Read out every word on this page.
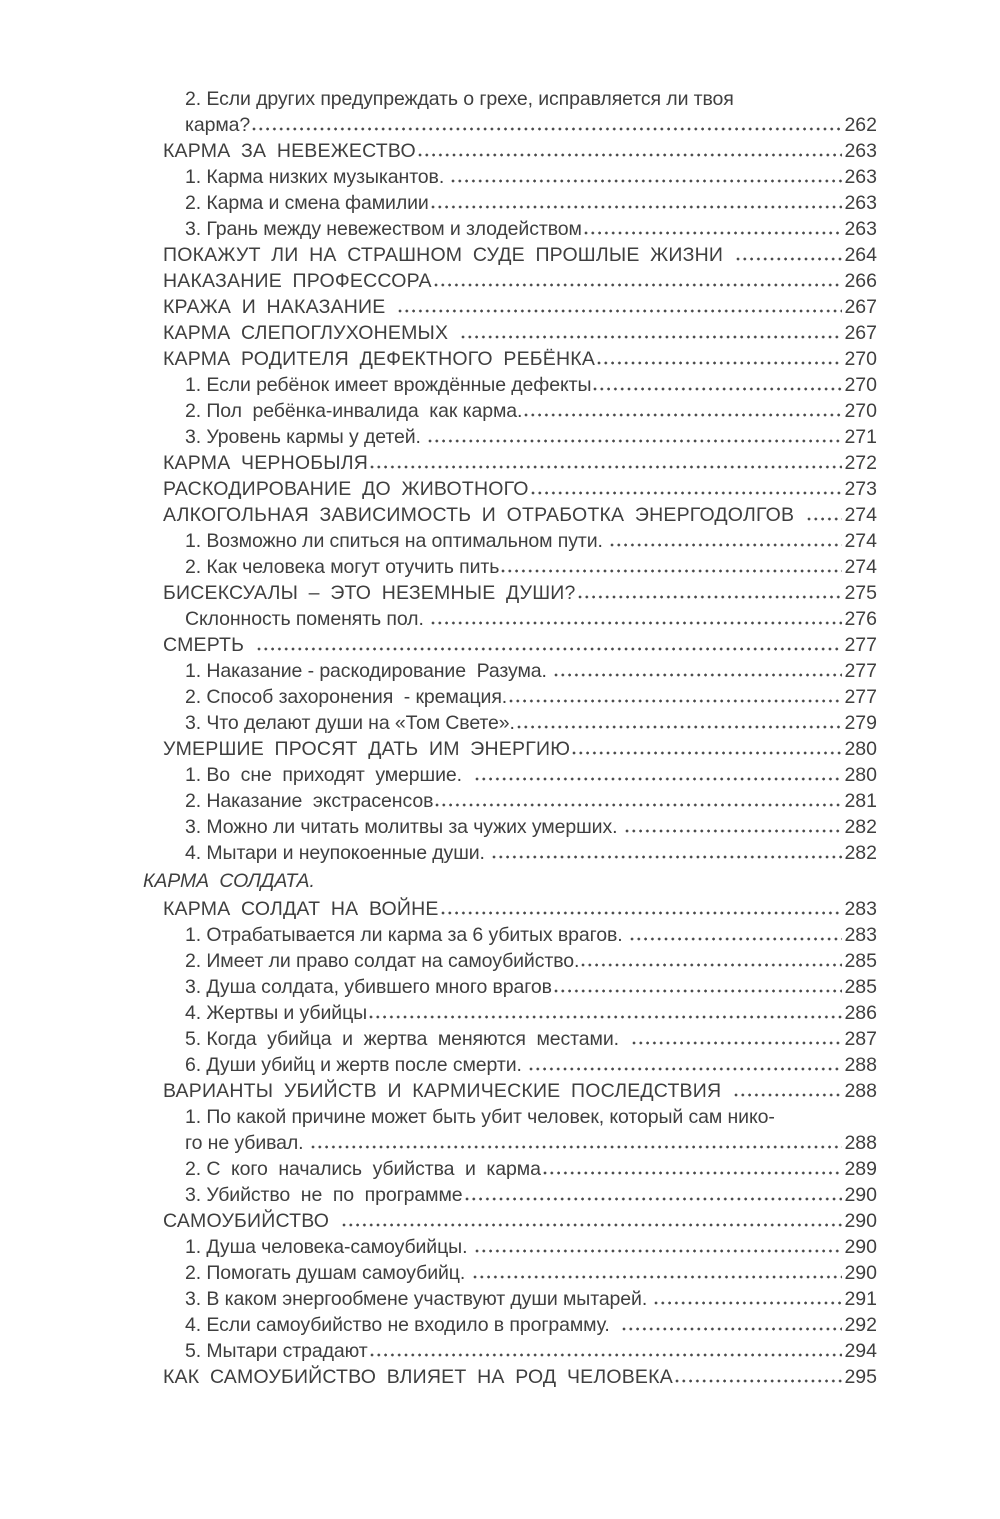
2. Если других предупреждать о грехе, исправляется ли твоя
карма?	262
КАРМА ЗА НЕВЕЖЕСТВО	263
1. Карма низких музыкантов.	263
2. Карма и смена фамилии	263
3. Грань между невежеством и злодейством	263
ПОКАЖУТ ЛИ НА СТРАШНОМ СУДЕ ПРОШЛЫЕ ЖИЗНИ	264
НАКАЗАНИЕ ПРОФЕССОРА	266
КРАЖА И НАКАЗАНИЕ	267
КАРМА СЛЕПОГЛУХОНЕМЫХ	267
КАРМА РОДИТЕЛЯ ДЕФЕКТНОГО РЕБЁНКА	270
1. Если ребёнок имеет врождённые дефекты	270
2. Пол  ребёнка-инвалида  как карма.	270
3. Уровень кармы у детей.	271
КАРМА ЧЕРНОБЫЛЯ	272
РАСКОДИРОВАНИЕ ДО ЖИВОТНОГО	273
АЛКОГОЛЬНАЯ ЗАВИСИМОСТЬ И ОТРАБОТКА ЭНЕРГОДОЛГОВ 274
1. Возможно ли спиться на оптимальном пути.	274
2. Как человека могут отучить пить	274
БИСЕКСУАЛЫ – ЭТО НЕЗЕМНЫЕ ДУШИ?	275
Склонность поменять пол.	276
СМЕРТЬ	277
1. Наказание - раскодирование  Разума.	277
2. Способ захоронения  - кремация.	277
3. Что делают души на «Том Свете».	279
УМЕРШИЕ ПРОСЯТ ДАТЬ ИМ ЭНЕРГИЮ	280
1. Во  сне  приходят  умершие.	280
2. Наказание  экстрасенсов	281
3. Можно ли читать молитвы за чужих умерших.	282
4. Мытари и неупокоенные души.	282
КАРМА СОЛДАТА.
КАРМА СОЛДАТ НА ВОЙНЕ	283
1. Отрабатывается ли карма за 6 убитых врагов.	283
2. Имеет ли право солдат на самоубийство.	285
3. Душа солдата, убившего много врагов	285
4. Жертвы и убийцы	286
5. Когда  убийца  и  жертва  меняются  местами.	287
6. Души убийц и жертв после смерти.	288
ВАРИАНТЫ УБИЙСТВ И КАРМИЧЕСКИЕ ПОСЛЕДСТВИЯ	288
1. По какой причине может быть убит человек, который сам нико-
го не убивал.	288
2. С  кого  начались  убийства  и  карма	289
3. Убийство  не  по  программе	290
САМОУБИЙСТВО	290
1. Душа человека-самоубийцы.	290
2. Помогать душам самоубийц.	290
3. В каком энергообмене участвуют души мытарей.	291
4. Если самоубийство не входило в программу.	292
5. Мытари страдают	294
КАК САМОУБИЙСТВО ВЛИЯЕТ НА РОД ЧЕЛОВЕКА	295
